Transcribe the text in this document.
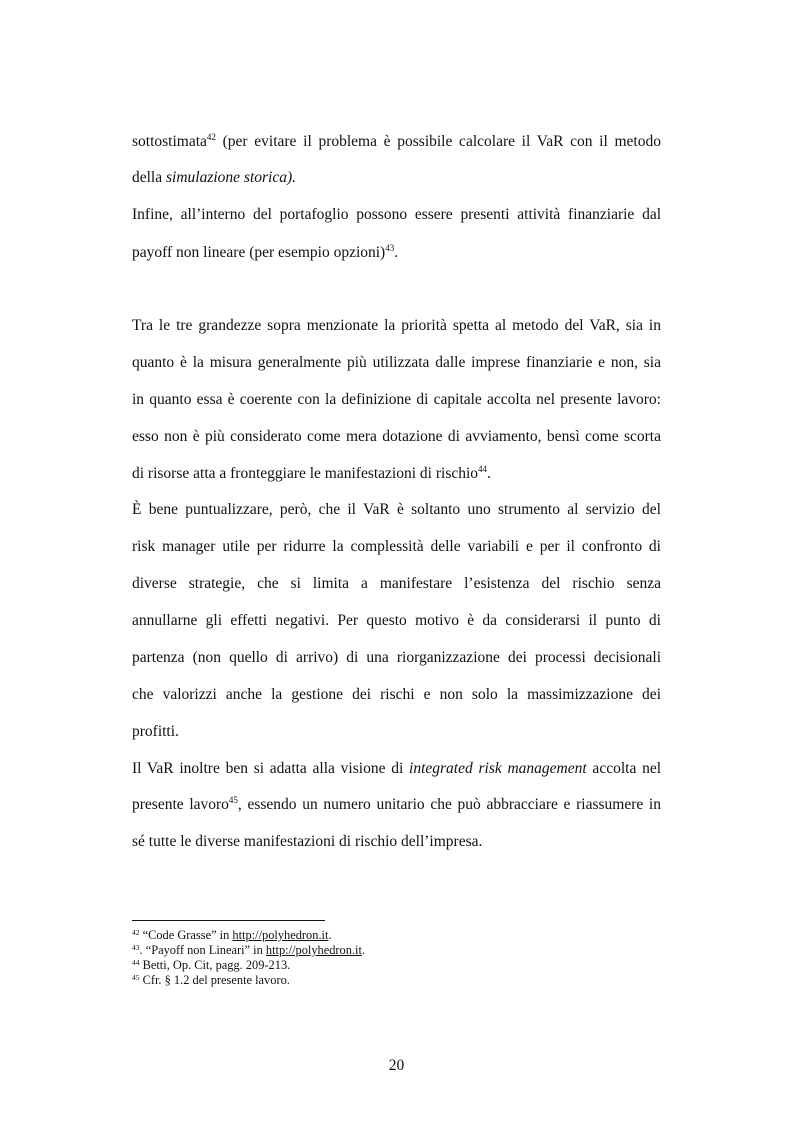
sottostimata$^{42}$ (per evitare il problema è possibile calcolare il VaR con il metodo
della simulazione storica).
Infine, all’interno del portafoglio possono essere presenti attività finanziarie dal
payoff non lineare (per esempio opzioni)$^{43}$.
Tra le tre grandezze sopra menzionate la priorità spetta al metodo del VaR, sia in
quanto è la misura generalmente più utilizzata dalle imprese finanziarie e non, sia
in quanto essa è coerente con la definizione di capitale accolta nel presente lavoro:
esso non è più considerato come mera dotazione di avviamento, bensì come scorta
di risorse atta a fronteggiare le manifestazioni di rischio$^{44}$.
È bene puntualizzare, però, che il VaR è soltanto uno strumento al servizio del
risk manager utile per ridurre la complessità delle variabili e per il confronto di
diverse strategie, che si limita a manifestare l’esistenza del rischio senza
annullarne gli effetti negativi. Per questo motivo è da considerarsi il punto di
partenza (non quello di arrivo) di una riorganizzazione dei processi decisionali
che valorizzi anche la gestione dei rischi e non solo la massimizzazione dei
profitti.
Il VaR inoltre ben si adatta alla visione di integrated risk management accolta nel
presente lavoro$^{45}$, essendo un numero unitario che può abbracciare e riassumere in
sé tutte le diverse manifestazioni di rischio dell’impresa.
$^{42}$ “Code Grasse” in http://polyhedron.it.
$^{43}$. “Payoff non Lineari” in http://polyhedron.it.
$^{44}$ Betti, Op. Cit, pagg. 209-213.
$^{45}$ Cfr. § 1.2 del presente lavoro.
20
